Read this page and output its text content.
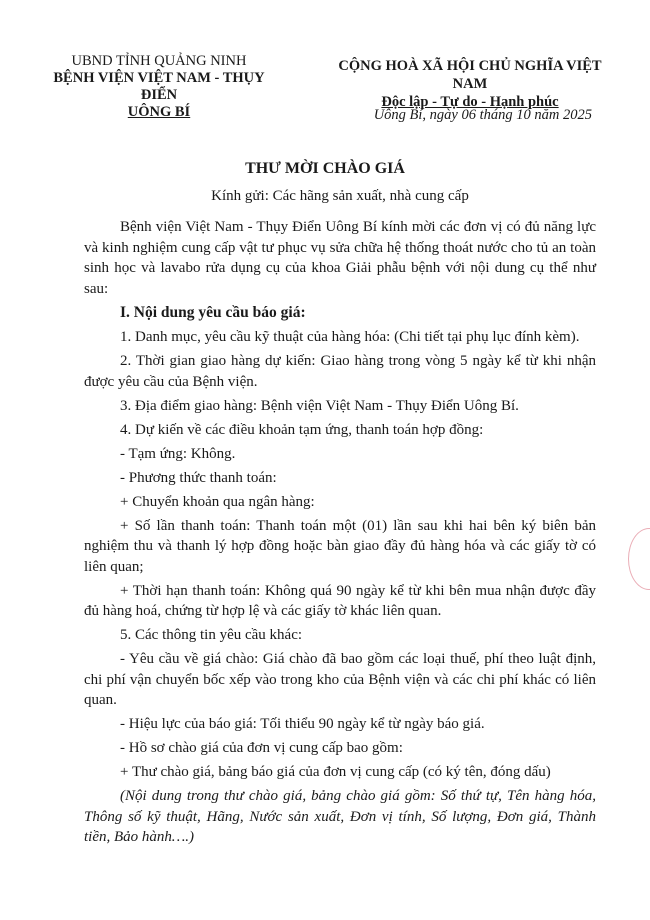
UBND TỈNH QUẢNG NINH
BỆNH VIỆN VIỆT NAM - THỤY ĐIỂN
UÔNG BÍ
CỘNG HOÀ XÃ HỘI CHỦ NGHĨA VIỆT NAM
Độc lập - Tự do - Hạnh phúc
Uông Bí, ngày 06 tháng 10 năm 2025
THƯ MỜI CHÀO GIÁ
Kính gửi: Các hãng sản xuất, nhà cung cấp

Bệnh viện Việt Nam - Thụy Điển Uông Bí kính mời các đơn vị có đủ năng lực và kinh nghiệm cung cấp vật tư phục vụ sửa chữa hệ thống thoát nước cho tủ an toàn sinh học và lavabo rửa dụng cụ của khoa Giải phẫu bệnh với nội dung cụ thể như sau:

I. Nội dung yêu cầu báo giá:

1. Danh mục, yêu cầu kỹ thuật của hàng hóa: (Chi tiết tại phụ lục đính kèm).

2. Thời gian giao hàng dự kiến: Giao hàng trong vòng 5 ngày kể từ khi nhận được yêu cầu của Bệnh viện.

3. Địa điểm giao hàng: Bệnh viện Việt Nam - Thụy Điển Uông Bí.

4. Dự kiến về các điều khoản tạm ứng, thanh toán hợp đồng:

- Tạm ứng: Không.

- Phương thức thanh toán:

+ Chuyển khoản qua ngân hàng:

+ Số lần thanh toán: Thanh toán một (01) lần sau khi hai bên ký biên bản nghiệm thu và thanh lý hợp đồng hoặc bàn giao đầy đủ hàng hóa và các giấy tờ có liên quan;

+ Thời hạn thanh toán: Không quá 90 ngày kể từ khi bên mua nhận được đầy đủ hàng hoá, chứng từ hợp lệ và các giấy tờ khác liên quan.

5. Các thông tin yêu cầu khác:

- Yêu cầu về giá chào: Giá chào đã bao gồm các loại thuế, phí theo luật định, chi phí vận chuyển bốc xếp vào trong kho của Bệnh viện và các chi phí khác có liên quan.

- Hiệu lực của báo giá: Tối thiểu 90 ngày kể từ ngày báo giá.

- Hồ sơ chào giá của đơn vị cung cấp bao gồm:

+ Thư chào giá, bảng báo giá của đơn vị cung cấp (có ký tên, đóng dấu)

(Nội dung trong thư chào giá, bảng chào giá gồm: Số thứ tự, Tên hàng hóa, Thông số kỹ thuật, Hãng, Nước sản xuất, Đơn vị tính, Số lượng, Đơn giá, Thành tiền, Bảo hành….)
